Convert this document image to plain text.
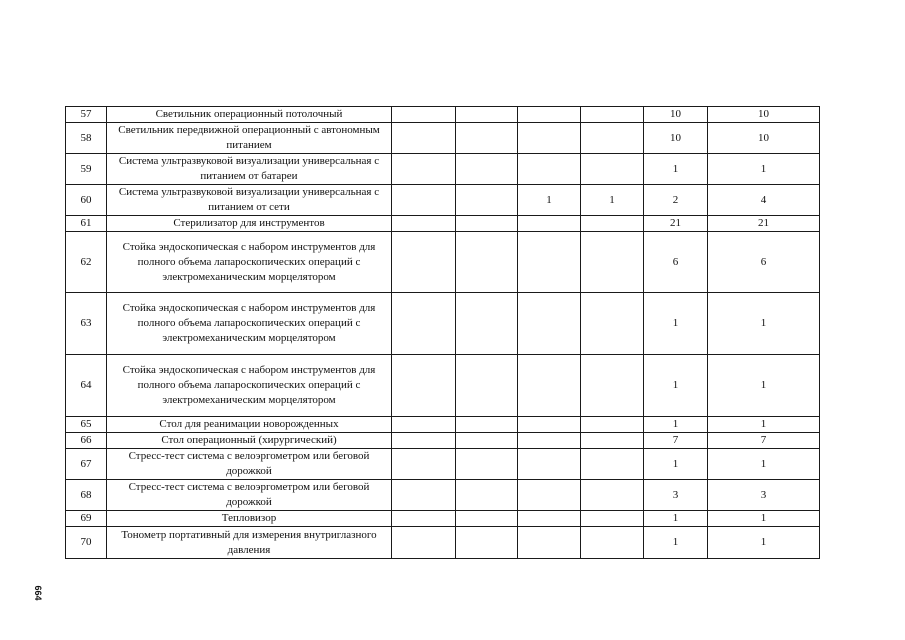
57	Светильник операционный потолочный					10	10
58	Светильник передвижной операционный с автономным питанием					10	10
59	Система ультразвуковой визуализации универсальная с питанием от батареи					1	1
60	Система ультразвуковой визуализации универсальная с питанием от сети			1	1	2	4
61	Стерилизатор для инструментов					21	21
62	Стойка эндоскопическая с набором инструментов для полного объема лапароскопических операций с электромеханическим морцелятором					6	6
63	Стойка эндоскопическая с набором инструментов для полного объема лапароскопических операций с электромеханическим морцелятором					1	1
64	Стойка эндоскопическая с набором инструментов для полного объема лапароскопических операций с электромеханическим морцелятором					1	1
65	Стол для реанимации новорожденных					1	1
66	Стол операционный (хирургический)					7	7
67	Стресс-тест система с велоэргометром или беговой дорожкой					1	1
68	Стресс-тест система с велоэргометром или беговой дорожкой					3	3
69	Тепловизор					1	1
70	Тонометр портативный для измерения внутриглазного давления					1	1
664
